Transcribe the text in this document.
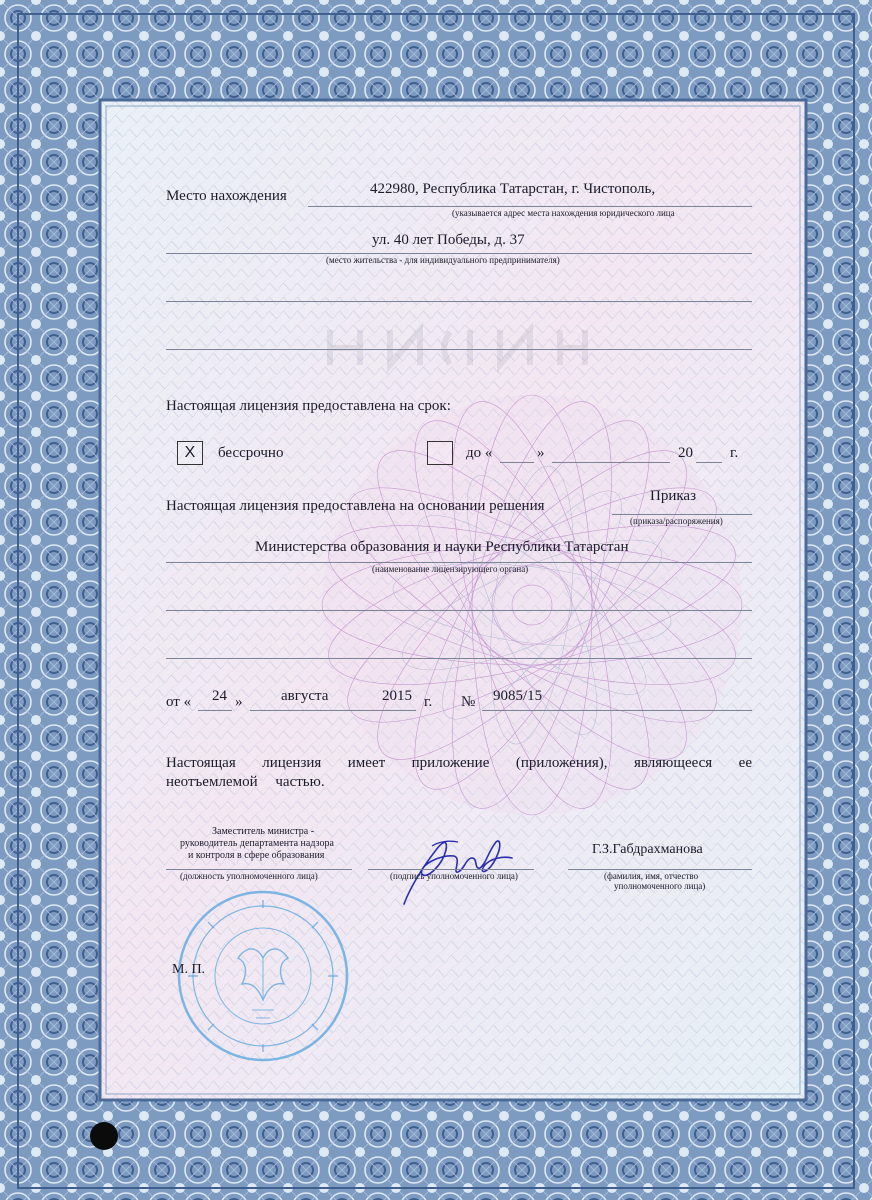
Место нахождения	422980, Республика Татарстан, г. Чистополь,
(указывается адрес места нахождения юридического лица
ул. 40 лет Победы, д. 37
(место жительства - для индивидуального предпринимателя)
Настоящая лицензия предоставлена на срок:
X	бессрочно	до «	»	20 г.
Настоящая лицензия предоставлена на основании решения
Приказ
(приказа/распоряжения)
Министерства образования и науки Республики Татарстан
(наименование лицензирующего органа)
от « 24 »	августа	2015 г. № 9085/15
Настоящая лицензия имеет приложение (приложения), являющееся ее
неотъемлемой частью.
Заместитель министра -
руководитель департамента надзора
и контроля в сфере образования
(должность уполномоченного лица)	(подпись уполномоченного лица)
Г.З.Габдрахманова
(фамилия, имя, отчество
уполномоченного лица)
М. П.
